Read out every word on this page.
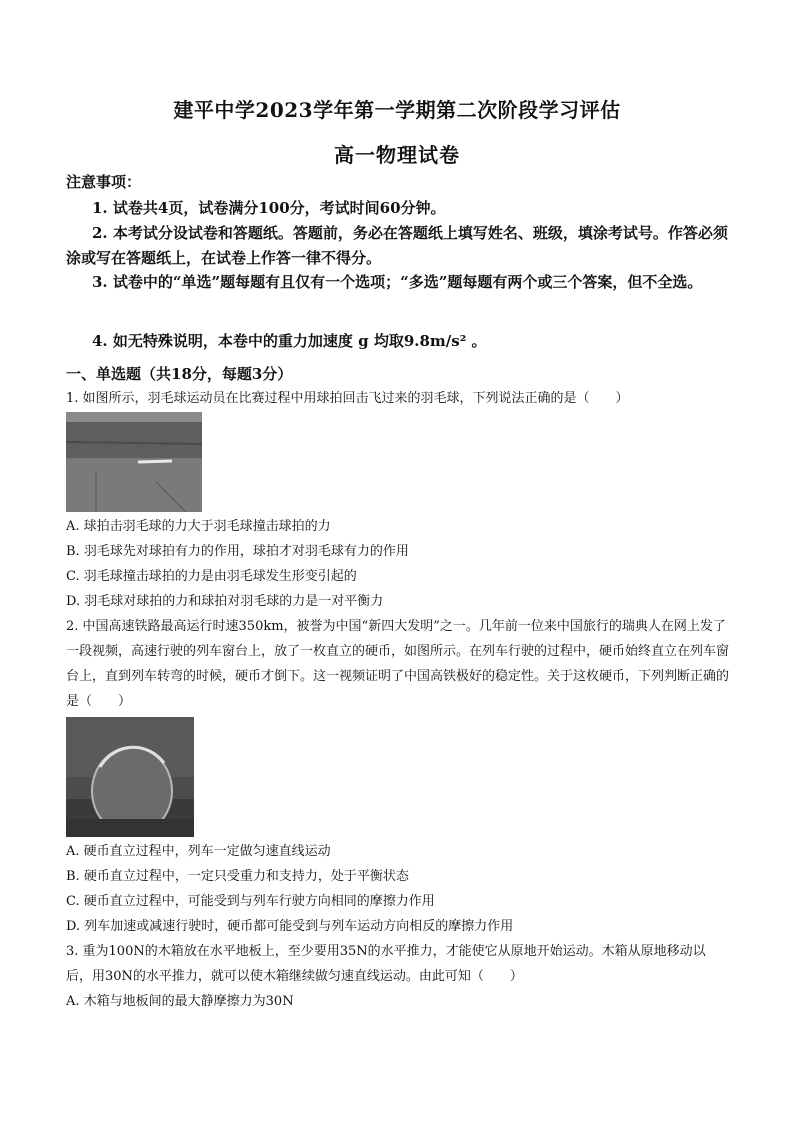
建平中学2023学年第一学期第二次阶段学习评估
高一物理试卷
注意事项：
1. 试卷共4页，试卷满分100分，考试时间60分钟。
2. 本考试分设试卷和答题纸。答题前，务必在答题纸上填写姓名、班级，填涂考试号。作答必须涂或写在答题纸上，在试卷上作答一律不得分。
3. 试卷中的“单选”题每题有且仅有一个选项；“多选”题每题有两个或三个答案，但不全选。
4. 如无特殊说明，本卷中的重力加速度 g 均取9.8m/s² 。
一、单选题（共18分，每题3分）
1. 如图所示，羽毛球运动员在比赛过程中用球拍回击飞过来的羽毛球，下列说法正确的是（　　）
A. 球拍击羽毛球的力大于羽毛球撞击球拍的力
B. 羽毛球先对球拍有力的作用，球拍才对羽毛球有力的作用
C. 羽毛球撞击球拍的力是由羽毛球发生形变引起的
D. 羽毛球对球拍的力和球拍对羽毛球的力是一对平衡力
2. 中国高速铁路最高运行时速350km，被誉为中国“新四大发明”之一。几年前一位来中国旅行的瑞典人在网上发了一段视频，高速行驶的列车窗台上，放了一枚直立的硬币，如图所示。在列车行驶的过程中，硬币始终直立在列车窗台上，直到列车转弯的时候，硬币才倒下。这一视频证明了中国高铁极好的稳定性。关于这枚硬币，下列判断正确的是（　　）
A. 硬币直立过程中，列车一定做匀速直线运动
B. 硬币直立过程中，一定只受重力和支持力，处于平衡状态
C. 硬币直立过程中，可能受到与列车行驶方向相同的摩擦力作用
D. 列车加速或减速行驶时，硬币都可能受到与列车运动方向相反的摩擦力作用
3. 重为100N的木箱放在水平地板上，至少要用35N的水平推力，才能使它从原地开始运动。木箱从原地移动以后，用30N的水平推力，就可以使木箱继续做匀速直线运动。由此可知（　　）
A. 木箱与地板间的最大静摩擦力为30N
